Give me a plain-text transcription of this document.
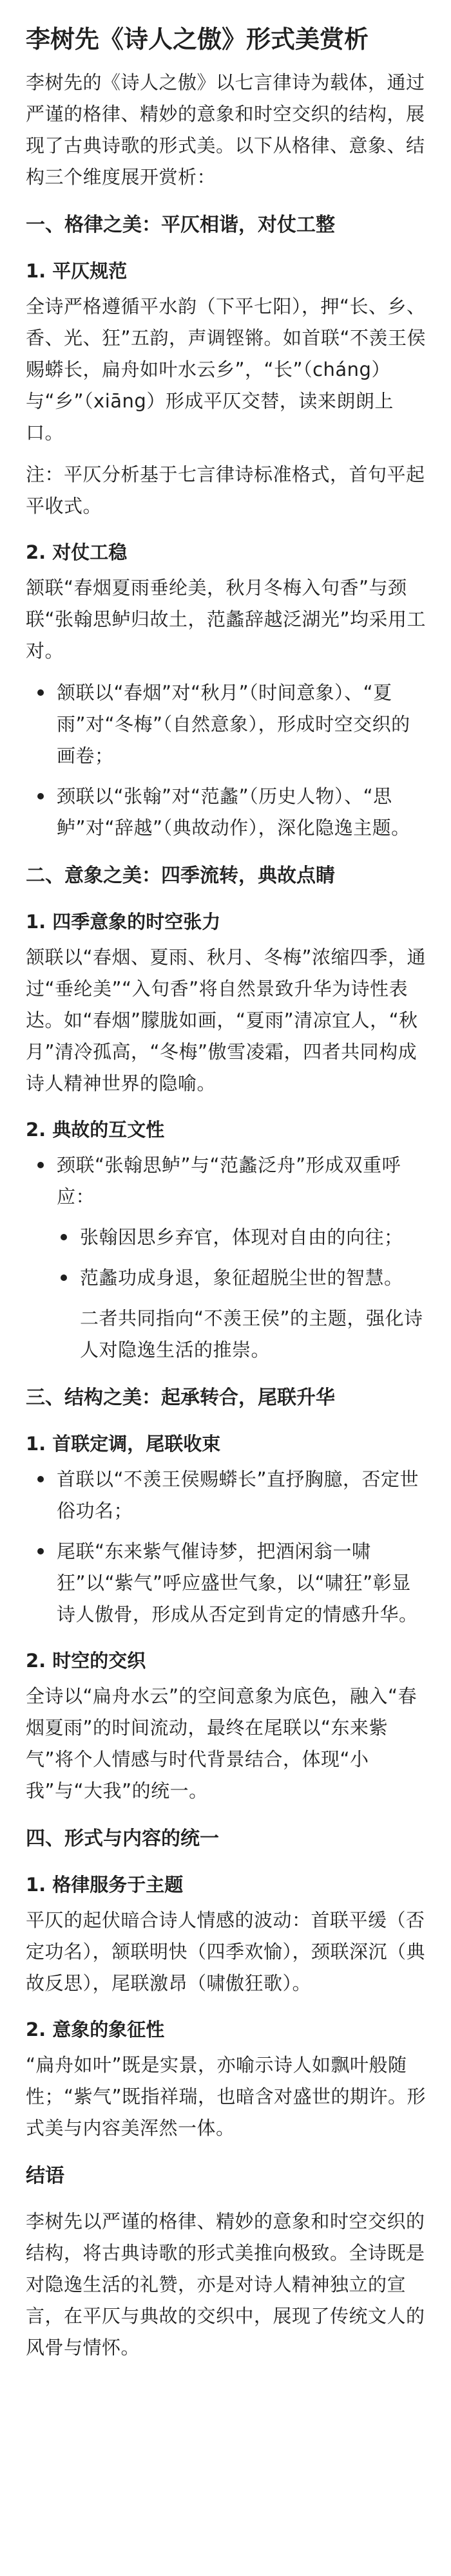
李树先《诗人之傲》形式美赏析
李树先的《诗人之傲》以七言律诗为载体，通过严谨的格律、精妙的意象和时空交织的结构，展现了古典诗歌的形式美。以下从格律、意象、结构三个维度展开赏析：
一、格律之美：平仄相谐，对仗工整
1. 平仄规范
全诗严格遵循平水韵（下平七阳），押“长、乡、香、光、狂”五韵，声调铿锵。如首联“不羡王侯赐蟒长，扁舟如叶水云乡”，“长”（cháng）与“乡”（xiāng）形成平仄交替，读来朗朗上口。
注：平仄分析基于七言律诗标准格式，首句平起平收式。
2. 对仗工稳
颔联“春烟夏雨垂纶美，秋月冬梅入句香”与颈联“张翰思鲈归故土，范蠡辞越泛湖光”均采用工对。
颔联以“春烟”对“秋月”（时间意象）、“夏雨”对“冬梅”（自然意象），形成时空交织的画卷；
颈联以“张翰”对“范蠡”（历史人物）、“思鲈”对“辞越”（典故动作），深化隐逸主题。
二、意象之美：四季流转，典故点睛
1. 四季意象的时空张力
颔联以“春烟、夏雨、秋月、冬梅”浓缩四季，通过“垂纶美”“入句香”将自然景致升华为诗性表达。如“春烟”朦胧如画，“夏雨”清凉宜人，“秋月”清冷孤高，“冬梅”傲雪凌霜，四者共同构成诗人精神世界的隐喻。
2. 典故的互文性
颈联“张翰思鲈”与“范蠡泛舟”形成双重呼应：
张翰因思乡弃官，体现对自由的向往；
范蠡功成身退，象征超脱尘世的智慧。
二者共同指向“不羡王侯”的主题，强化诗人对隐逸生活的推崇。
三、结构之美：起承转合，尾联升华
1. 首联定调，尾联收束
首联以“不羡王侯赐蟒长”直抒胸臆，否定世俗功名；
尾联“东来紫气催诗梦，把酒闲翁一啸狂”以“紫气”呼应盛世气象，以“啸狂”彰显诗人傲骨，形成从否定到肯定的情感升华。
2. 时空的交织
全诗以“扁舟水云”的空间意象为底色，融入“春烟夏雨”的时间流动，最终在尾联以“东来紫气”将个人情感与时代背景结合，体现“小我”与“大我”的统一。
四、形式与内容的统一
1. 格律服务于主题
平仄的起伏暗合诗人情感的波动：首联平缓（否定功名），颔联明快（四季欢愉），颈联深沉（典故反思），尾联激昂（啸傲狂歌）。
2. 意象的象征性
“扁舟如叶”既是实景，亦喻示诗人如飘叶般随性；“紫气”既指祥瑞，也暗含对盛世的期许。形式美与内容美浑然一体。
结语
李树先以严谨的格律、精妙的意象和时空交织的结构，将古典诗歌的形式美推向极致。全诗既是对隐逸生活的礼赞，亦是对诗人精神独立的宣言，在平仄与典故的交织中，展现了传统文人的风骨与情怀。
